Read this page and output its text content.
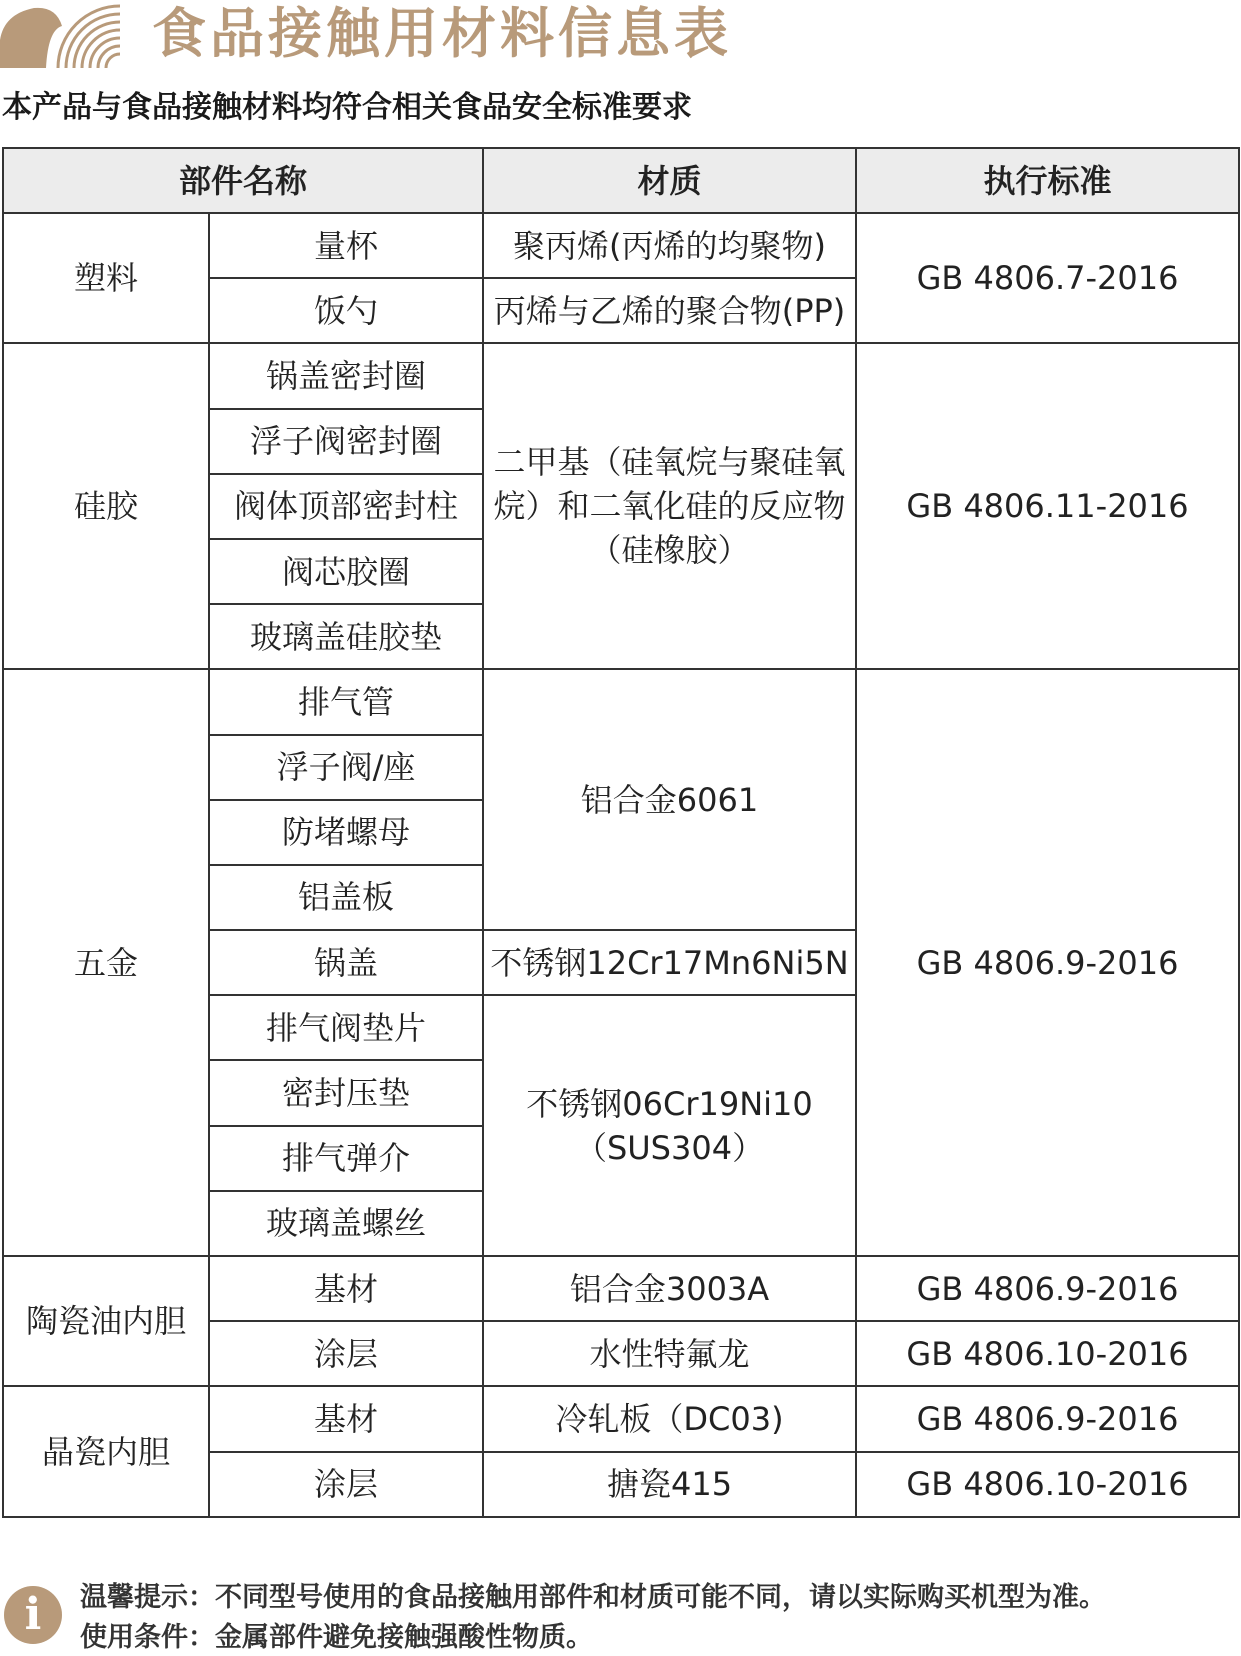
食品接触用材料信息表
本产品与食品接触材料均符合相关食品安全标准要求
部件名称		材质	执行标准
塑料	量杯	聚丙烯(丙烯的均聚物)	GB 4806.7-2016
	饭勺	丙烯与乙烯的聚合物(PP)	
硅胶	锅盖密封圈	二甲基（硅氧烷与聚硅氧烷）和二氧化硅的反应物（硅橡胶）	GB 4806.11-2016
	浮子阀密封圈		
	阀体顶部密封柱		
	阀芯胶圈		
	玻璃盖硅胶垫		
五金	排气管	铝合金6061	GB 4806.9-2016
	浮子阀/座		
	防堵螺母		
	铝盖板		
	锅盖	不锈钢12Cr17Mn6Ni5N	
	排气阀垫片	不锈钢06Cr19Ni10（SUS304）	
	密封压垫		
	排气弹介		
	玻璃盖螺丝		
陶瓷油内胆	基材	铝合金3003A	GB 4806.9-2016
	涂层	水性特氟龙	GB 4806.10-2016
晶瓷内胆	基材	冷轧板（DC03)	GB 4806.9-2016
	涂层	搪瓷415	GB 4806.10-2016
i	温馨提示：不同型号使用的食品接触用部件和材质可能不同，请以实际购买机型为准。
使用条件：金属部件避免接触强酸性物质。
